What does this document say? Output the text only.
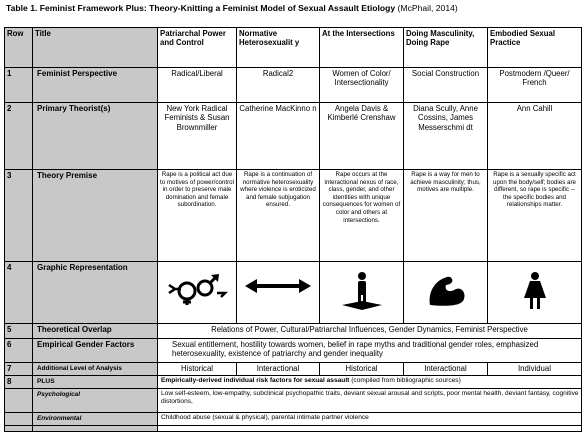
Table 1. Feminist Framework Plus: Theory-Knitting a Feminist Model of Sexual Assault Etiology (McPhail, 2014)
Row	Title	Patriarchal Power and Control	Normative Heterosexualit y	At the Intersections	Doing Masculinity, Doing Rape	Embodied Sexual Practice
1	Feminist Perspective	Radical/Liberal	Radical2	Women of Color/ Intersectionality	Social Construction	Postmodern /Queer/ French
2	Primary Theorist(s)	New York Radical Feminists & Susan Brownmiller	Catherine MacKinno n	Angela Davis & Kimberlé Crenshaw	Diana Scully, Anne Cossins, James Messerschmi dt	Ann Cahill
3	Theory Premise	Rape is a political act due to motives of power/control in order to preserve male domination and female subordination.	Rape is a continuation of normative heterosexuality where violence is eroticized and female subjugation ensured.	Rape occurs at the interactional nexus of race, class, gender, and other identities with unique consequences for women of color and others at intersections.	Rape is a way for men to achieve masculinity; thus, motives are multiple.	Rape is a sexually specific act upon the body/self; bodies are different, so rape is specific --the specific bodies and relationships matter.
4	Graphic Representation	

5	Theoretical Overlap	Relations of Power, Cultural/Patriarchal Influences, Gender Dynamics, Feminist Perspective				
6	Empirical Gender Factors	Sexual entitlement, hostility towards women, belief in rape myths and traditional gender roles, emphasized heterosexuality, existence of patriarchy and gender inequality				
7	Additional Level of Analysis	Historical	Interactional	Historical	Interactional	Individual
8	PLUS	Empirically-derived individual risk factors for sexual assault (compiled from bibliographic sources)				
	Psychological	Low self-esteem, low-empathy, subclinical psychopathic traits, deviant sexual arousal and scripts, poor mental health, deviant fantasy, cognitive distortions,				
	Environmental	Childhood abuse (sexual & physical), parental intimate partner violence				
